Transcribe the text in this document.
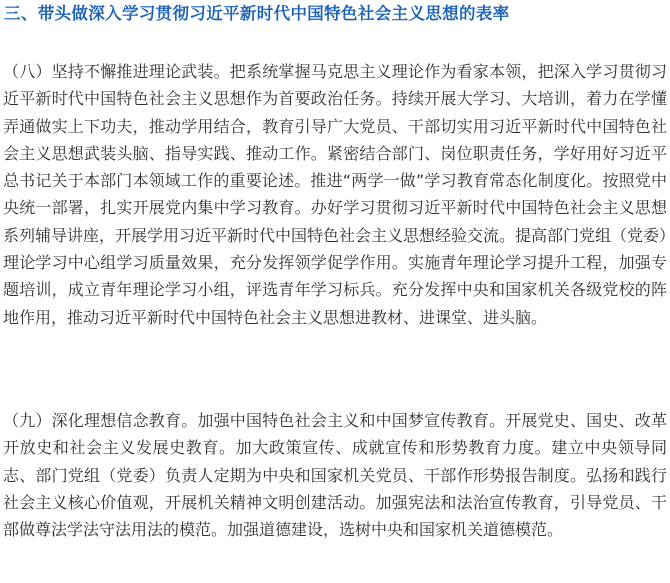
三、带头做深入学习贯彻习近平新时代中国特色社会主义思想的表率

（八）坚持不懈推进理论武装。把系统掌握马克思主义理论作为看家本领，把深入学习贯彻习近平新时代中国特色社会主义思想作为首要政治任务。持续开展大学习、大培训，着力在学懂弄通做实上下功夫，推动学用结合，教育引导广大党员、干部切实用习近平新时代中国特色社会主义思想武装头脑、指导实践、推动工作。紧密结合部门、岗位职责任务，学好用好习近平总书记关于本部门本领域工作的重要论述。推进“两学一做”学习教育常态化制度化。按照党中央统一部署，扎实开展党内集中学习教育。办好学习贯彻习近平新时代中国特色社会主义思想系列辅导讲座，开展学用习近平新时代中国特色社会主义思想经验交流。提高部门党组（党委）理论学习中心组学习质量效果，充分发挥领学促学作用。实施青年理论学习提升工程，加强专题培训，成立青年理论学习小组，评选青年学习标兵。充分发挥中央和国家机关各级党校的阵地作用，推动习近平新时代中国特色社会主义思想进教材、进课堂、进头脑。

（九）深化理想信念教育。加强中国特色社会主义和中国梦宣传教育。开展党史、国史、改革开放史和社会主义发展史教育。加大政策宣传、成就宣传和形势教育力度。建立中央领导同志、部门党组（党委）负责人定期为中央和国家机关党员、干部作形势报告制度。弘扬和践行社会主义核心价值观，开展机关精神文明创建活动。加强宪法和法治宣传教育，引导党员、干部做尊法学法守法用法的模范。加强道德建设，选树中央和国家机关道德模范。
